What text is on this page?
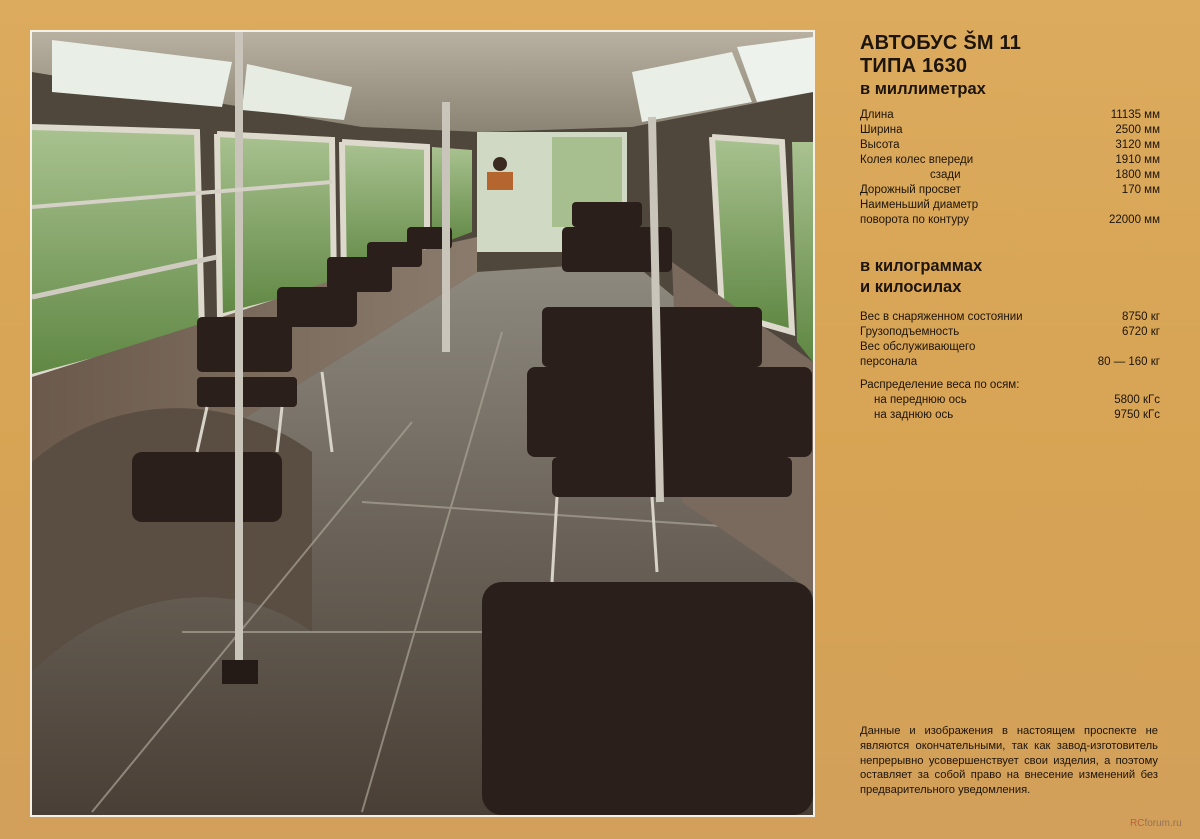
АВТОБУС ŠM 11

ТИПА 1630

в миллиметрах

Длина	11135 мм
Ширина	2500 мм
Высота	3120 мм
Колея колес впереди	1910 мм
сзади	1800 мм
Дорожный просвет	170 мм
Наименьший диаметр	
поворота по контуру	22000 мм

в килограммах

и килосилах

Вес в снаряженном состоянии	8750 кг
Грузоподъемность	6720 кг
Вес обслуживающего	
персонала	80 — 160 кг
Распределение веса по осям:	
на переднюю ось	5800 кГс
на заднюю ось	9750 кГс
Данные и изображения в настоящем проспекте не являются окончательными, так как завод-изготовитель непрерывно усовершенствует свои изделия, а поэтому оставляет за собой право на внесение изменений без предварительного уведомления.
RCforum.ru
